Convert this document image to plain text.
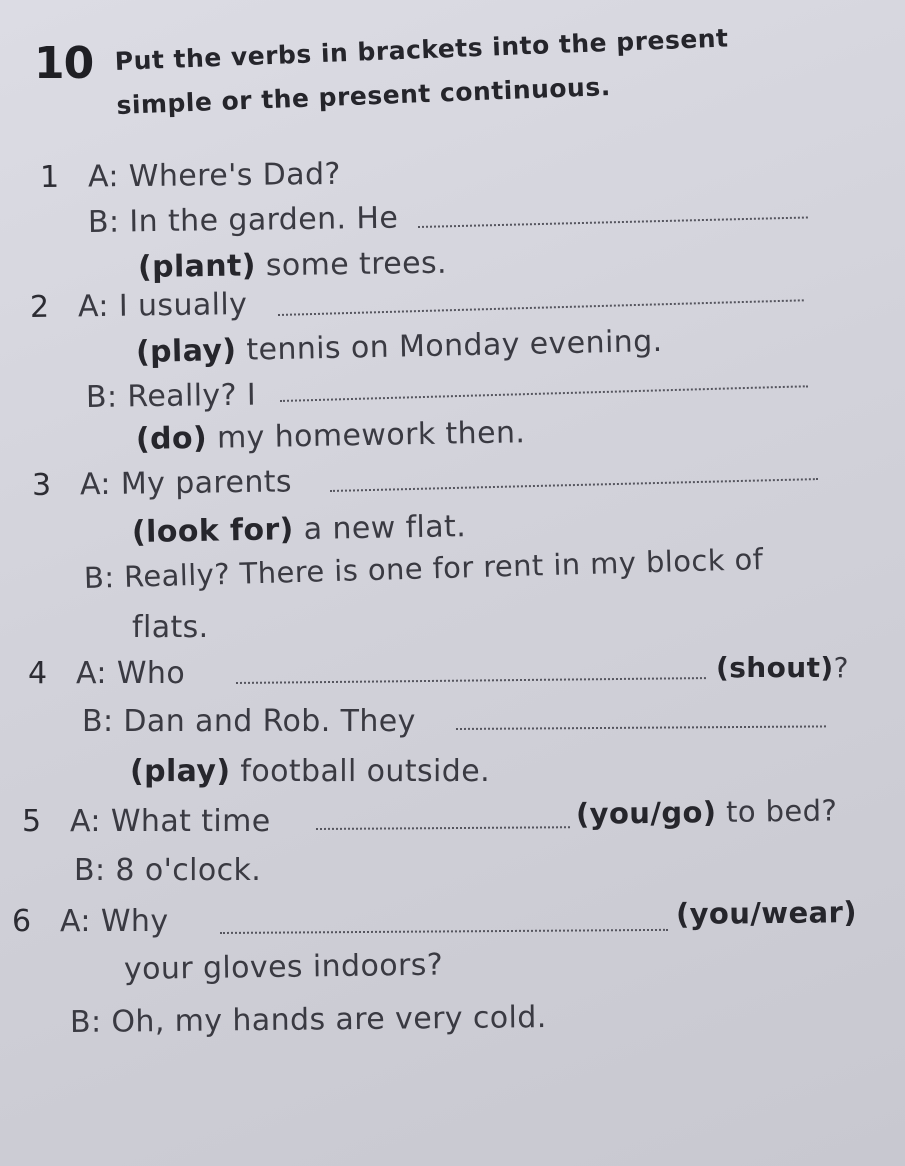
10 Put the verbs in brackets into the present
simple or the present continuous.
1 A: Where's Dad?
B: In the garden. He
(plant) some trees.
2 A: I usually
(play) tennis on Monday evening.
B: Really? I
(do) my homework then.
3 A: My parents
(look for) a new flat.
B: Really? There is one for rent in my block of
flats.
4 A: Who	(shout)?
B: Dan and Rob. They
(play) football outside.
5 A: What time	(you/go) to bed?
B: 8 o'clock.
6 A: Why	(you/wear)
your gloves indoors?
B: Oh, my hands are very cold.
